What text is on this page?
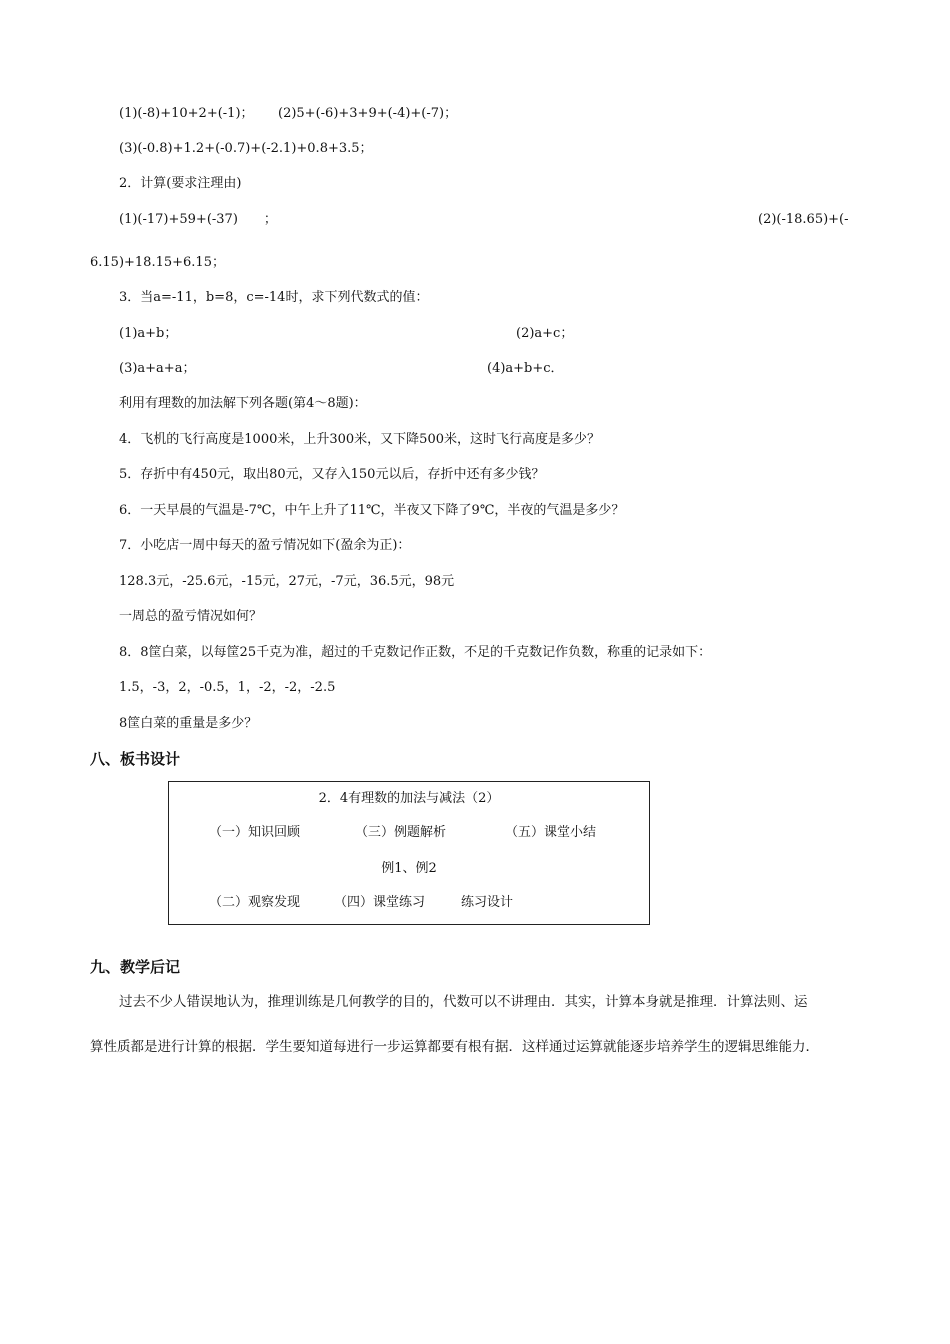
(1)(-8)+10+2+(-1)； (2)5+(-6)+3+9+(-4)+(-7)；
(3)(-0.8)+1.2+(-0.7)+(-2.1)+0.8+3.5；
2．计算(要求注理由)
(1)(-17)+59+(-37)　　；	(2)(-18.65)+(-
6.15)+18.15+6.15；
3．当a=-11，b=8，c=-14时，求下列代数式的值：
(1)a+b；	(2)a+c；
(3)a+a+a；	(4)a+b+c．
利用有理数的加法解下列各题(第4～8题)：
4．飞机的飞行高度是1000米，上升300米，又下降500米，这时飞行高度是多少？
5．存折中有450元，取出80元，又存入150元以后，存折中还有多少钱？
6．一天早晨的气温是-7℃，中午上升了11℃，半夜又下降了9℃，半夜的气温是多少？
7．小吃店一周中每天的盈亏情况如下(盈余为正)：
128.3元，-25.6元，-15元，27元，-7元，36.5元，98元
一周总的盈亏情况如何？
8．8筐白菜，以每筐25千克为准，超过的千克数记作正数，不足的千克数记作负数，称重的记录如下：
1.5，-3，2，-0.5，1，-2，-2，-2.5
8筐白菜的重量是多少？
八、板书设计
2．4有理数的加法与减法（2）
（一）知识回顾	（三）例题解析	（五）课堂小结
例1、例2
（二）观察发现	（四）课堂练习	练习设计
九、教学后记
过去不少人错误地认为，推理训练是几何教学的目的，代数可以不讲理由．其实，计算本身就是推理．计算法则、运
算性质都是进行计算的根据．学生要知道每进行一步运算都要有根有据．这样通过运算就能逐步培养学生的逻辑思维能力．
